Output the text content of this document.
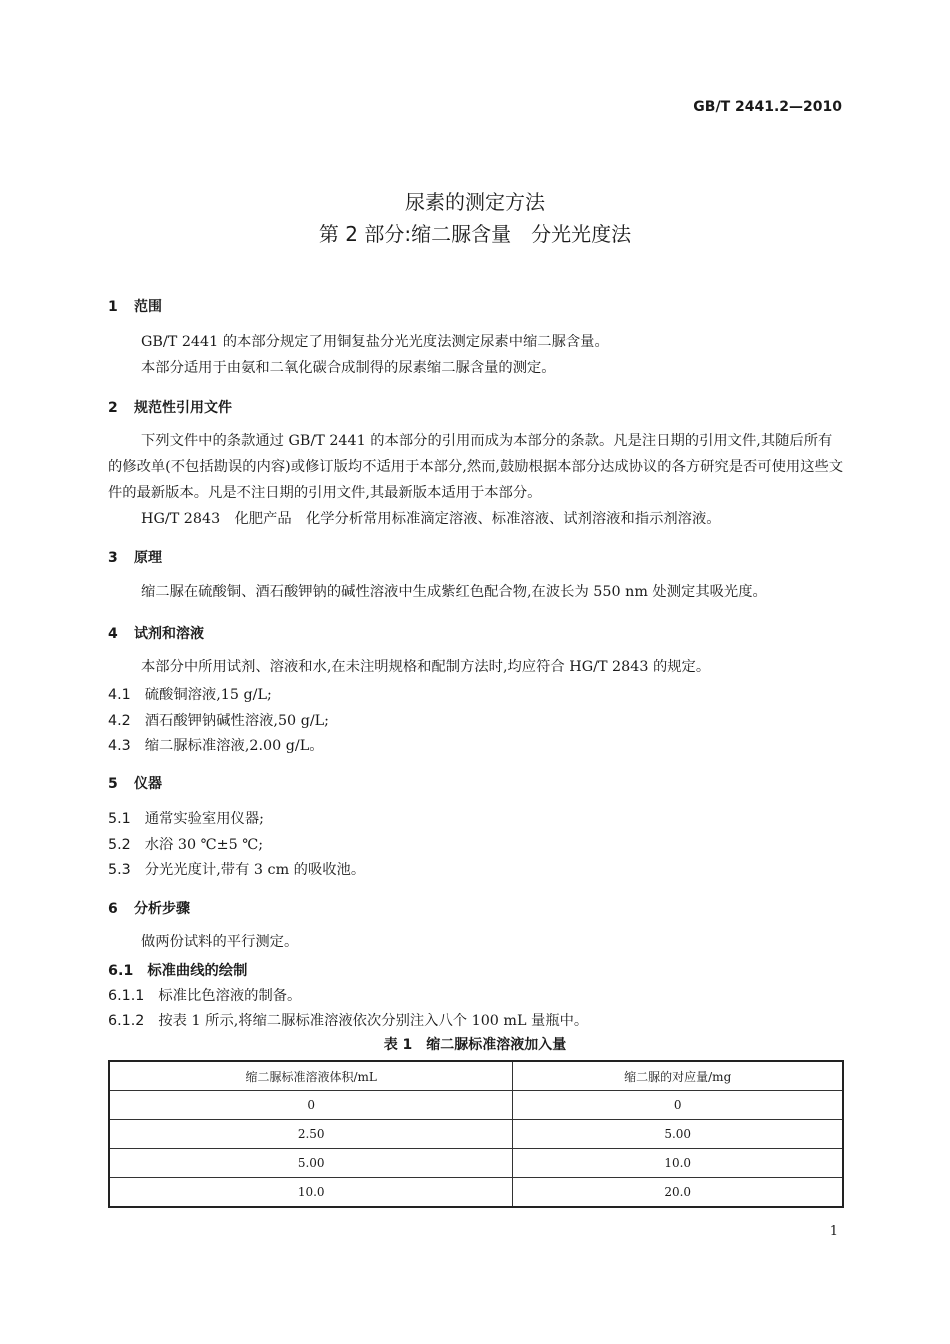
GB/T 2441.2—2010
尿素的测定方法
第 2 部分:缩二脲含量　分光光度法
1 范围
GB/T 2441 的本部分规定了用铜复盐分光光度法测定尿素中缩二脲含量。
本部分适用于由氨和二氧化碳合成制得的尿素缩二脲含量的测定。
2 规范性引用文件
下列文件中的条款通过 GB/T 2441 的本部分的引用而成为本部分的条款。凡是注日期的引用文件,其随后所有的修改单(不包括勘误的内容)或修订版均不适用于本部分,然而,鼓励根据本部分达成协议的各方研究是否可使用这些文件的最新版本。凡是不注日期的引用文件,其最新版本适用于本部分。
HG/T 2843　化肥产品　化学分析常用标准滴定溶液、标准溶液、试剂溶液和指示剂溶液。
3 原理
缩二脲在硫酸铜、酒石酸钾钠的碱性溶液中生成紫红色配合物,在波长为 550 nm 处测定其吸光度。
4 试剂和溶液
本部分中所用试剂、溶液和水,在未注明规格和配制方法时,均应符合 HG/T 2843 的规定。
4.1 硫酸铜溶液,15 g/L;
4.2 酒石酸钾钠碱性溶液,50 g/L;
4.3 缩二脲标准溶液,2.00 g/L。
5 仪器
5.1 通常实验室用仪器;
5.2 水浴 30 ℃±5 ℃;
5.3 分光光度计,带有 3 cm 的吸收池。
6 分析步骤
做两份试料的平行测定。
6.1 标准曲线的绘制
6.1.1 标准比色溶液的制备。
6.1.2 按表 1 所示,将缩二脲标准溶液依次分别注入八个 100 mL 量瓶中。
表 1　缩二脲标准溶液加入量
缩二脲标准溶液体积/mL	缩二脲的对应量/mg
0	0
2.50	5.00
5.00	10.0
10.0	20.0
1
